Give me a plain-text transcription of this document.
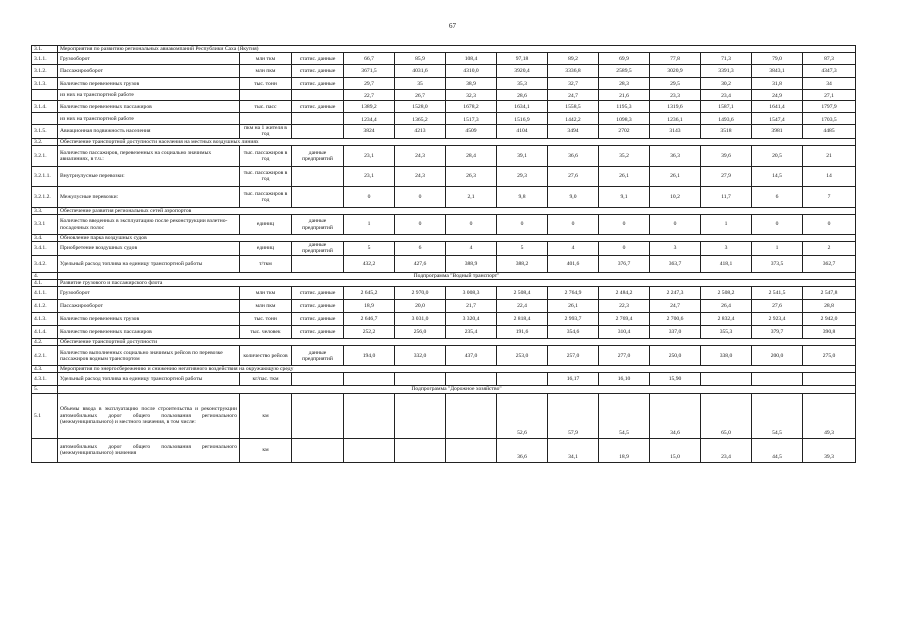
67
3.1.	Мероприятия по развитию региональных авиакомпаний Республики Саха (Якутия)												
3.1.1.	Грузооборот	млн ткм	статис. данные	66,7	85,9	108,4	97,18	89,2	69,9	77,8	71,3	79,0	87,3
3.1.2.	Пассажирооборот	млн пкм	статис. данные	3671,5	4031,6	4310,0	3920,4	3336,8	2589,5	3020,9	3391,3	3843,1	4347,3
3.1.3.	Количество перевезенных грузов	тыс. тонн	статис. данные	29,7	35	38,9	35,3	32,7	28,3	29,5	30,2	31,8	34
	из них на транспортной работе			22,7	26,7	32,3	28,6	24,7	21,6	23,3	23,4	24,9	27,1
3.1.4.	Количество перевезенных пассажиров	тыс. пасс	статис. данные	1389,2	1528,0	1678,2	1634,1	1558,5	1195,3	1319,6	1587,1	1641,4	1797,9
	из них на транспортной работе			1234,4	1365,2	1517,3	1516,9	1442,2	1098,3	1236,1	1493,6	1547,4	1703,5
3.1.5.	Авиационная подвижность населения	пкм на 1 жителя в год		3824	4213	4509	4104	3494	2702	3143	3518	3981	4485
3.2.	Обеспечение транспортной доступности населения на местных воздушных линиях												
3.2.1.	Количество пассажиров, перевезенных на социально значимых авиалиниях, в т.ч.:	тыс. пассажиров в год	данные предприятий	23,1	24,3	28,4	39,1	36,6	35,2	36,3	39,6	20,5	21
3.2.1.1.	Внутриулусные перевозки:	тыс. пассажиров в год		23,1	24,3	26,3	29,3	27,6	26,1	26,1	27,9	14,5	14
3.2.1.2.	Межулусные перевозки:	тыс. пассажиров в год		0	0	2,1	9,8	9,0	9,1	10,2	11,7	6	7
3.3.	Обеспечение развития региональных сетей аэропортов												
3.3.1	Количество введенных в эксплуатацию после реконструкции взлетно- посадочных полос	единиц	данные предприятий	1	0	0	0	0	0	0	1	0	0
3.4.	Обновление парка воздушных судов												
3.4.1.	Приобретение воздушных судов	единиц	данные предприятий	5	6	4	5	4	0	3	3	1	2
3.4.2.	Удельный расход топлива на единицу транспортной работы	т/ткм		432,2	427,6	388,9	388,2	401,6	376,7	363,7	418,1	373,5	362,7
4.	Подпрограмма "Водный транспорт"												
4.1.	Развитие грузового и пассажирского флота												
4.1.1.	Грузооборот	млн ткм	статис. данные	2 645,2	2 970,0	3 008,3	2 508,4	2 764,9	2 484,2	2 247,3	2 508,2	2 541,5	2 547,8
4.1.2.	Пассажирооборот	млн пкм	статис. данные	18,9	20,0	21,7	22,4	26,1	22,3	24,7	26,4	27,6	28,8
4.1.3.	Количество перевезенных грузов	тыс. тонн	статис. данные	2 646,7	3 031,0	3 320,4	2 818,4	2 993,7	2 769,4	2 700,6	2 832,4	2 923,4	2 942,0
4.1.4.	Количество перевезенных пассажиров	тыс. человек	статис. данные	252,2	256,0	235,4	191,6	354,6	310,4	337,0	355,3	379,7	390,8
4.2.	Обеспечение транспортной доступности												
4.2.1.	Количество выполненных социально значимых рейсов по перевозке пассажиров водным транспортом	количество рейсов	данные предприятий	194,0	332,0	437,0	253,0	257,0	277,0	250,0	338,0	200,0	275,0
4.3.	Мероприятия по энергосбережению и снижению негативного воздействия на окружающую среду												
4.3.1.	Удельный расход топлива на единицу транспортной работы	кг/пас. ткм						16,17	16,10	15,90			
5.	Подпрограмма "Дорожное хозяйство"												
5.1	Объемы ввода в эксплуатацию после строительства и реконструкции автомобильных дорог общего пользования регионального (межмуниципального) и местного значения, в том числе:	км					52,6	57,9	54,5	34,6	65,0	54,5	49,3
	автомобильных дорог общего пользования регионального (межмуниципального) значения	км					36,6	34,1	18,9	15,0	23,4	44,5	39,3
